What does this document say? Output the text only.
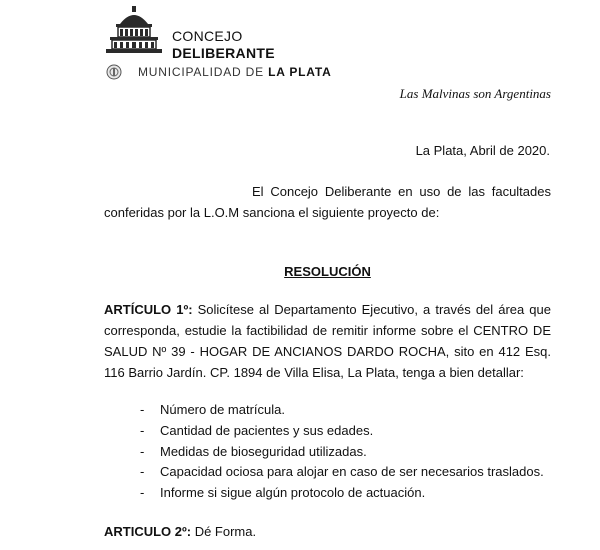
CONCEJO
DELIBERANTE
MUNICIPALIDAD DE LA PLATA
Las Malvinas son Argentinas
La Plata, Abril de 2020.

El Concejo Deliberante en uso de las facultades conferidas por la L.O.M sanciona el siguiente proyecto de:

RESOLUCIÓN

ARTÍCULO 1º: Solicítese al Departamento Ejecutivo, a través del área que corresponda, estudie la factibilidad de remitir informe sobre el CENTRO DE SALUD Nº 39 - HOGAR DE ANCIANOS DARDO ROCHA, sito en 412 Esq. 116 Barrio Jardín. CP. 1894 de Villa Elisa, La Plata, tenga a bien detallar:

- Número de matrícula.
- Cantidad de pacientes y sus edades.
- Medidas de bioseguridad utilizadas.
- Capacidad ociosa para alojar en caso de ser necesarios traslados.
- Informe si sigue algún protocolo de actuación.
ARTICULO 2º: Dé Forma.
